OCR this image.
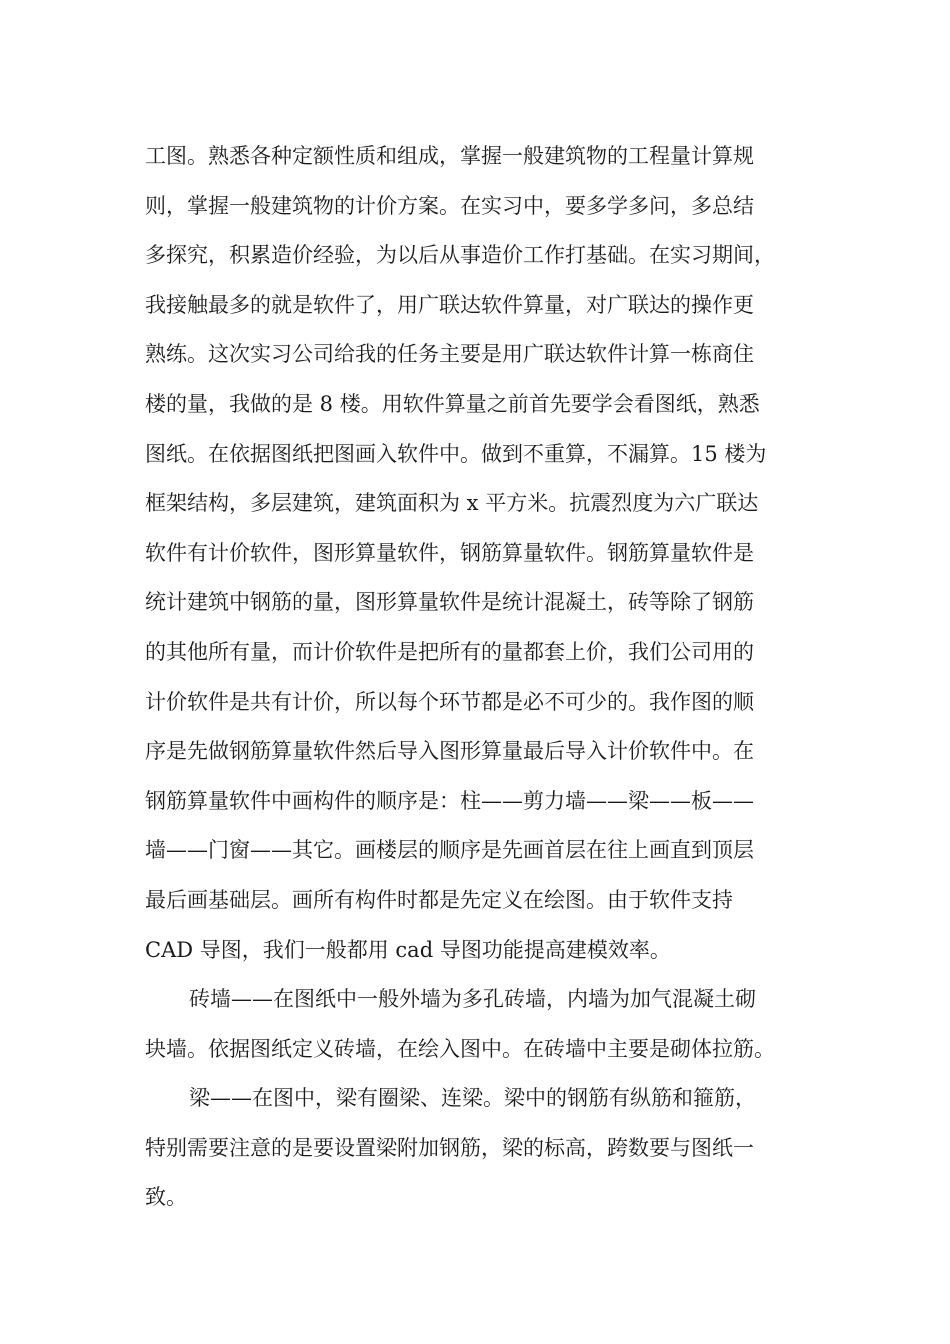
工图。熟悉各种定额性质和组成，掌握一般建筑物的工程量计算规
则，掌握一般建筑物的计价方案。在实习中，要多学多问，多总结
多探究，积累造价经验，为以后从事造价工作打基础。在实习期间，
我接触最多的就是软件了，用广联达软件算量，对广联达的操作更
熟练。这次实习公司给我的任务主要是用广联达软件计算一栋商住
楼的量，我做的是 8 楼。用软件算量之前首先要学会看图纸，熟悉
图纸。在依据图纸把图画入软件中。做到不重算，不漏算。15 楼为
框架结构，多层建筑，建筑面积为 x 平方米。抗震烈度为六广联达
软件有计价软件，图形算量软件，钢筋算量软件。钢筋算量软件是
统计建筑中钢筋的量，图形算量软件是统计混凝土，砖等除了钢筋
的其他所有量，而计价软件是把所有的量都套上价，我们公司用的
计价软件是共有计价，所以每个环节都是必不可少的。我作图的顺
序是先做钢筋算量软件然后导入图形算量最后导入计价软件中。在
钢筋算量软件中画构件的顺序是：柱——剪力墙——梁——板——
墙——门窗——其它。画楼层的顺序是先画首层在往上画直到顶层
最后画基础层。画所有构件时都是先定义在绘图。由于软件支持
CAD 导图，我们一般都用 cad 导图功能提高建模效率。
砖墙——在图纸中一般外墙为多孔砖墙，内墙为加气混凝土砌
块墙。依据图纸定义砖墙，在绘入图中。在砖墙中主要是砌体拉筋。
梁——在图中，梁有圈梁、连梁。梁中的钢筋有纵筋和箍筋，
特别需要注意的是要设置梁附加钢筋，梁的标高，跨数要与图纸一
致。
